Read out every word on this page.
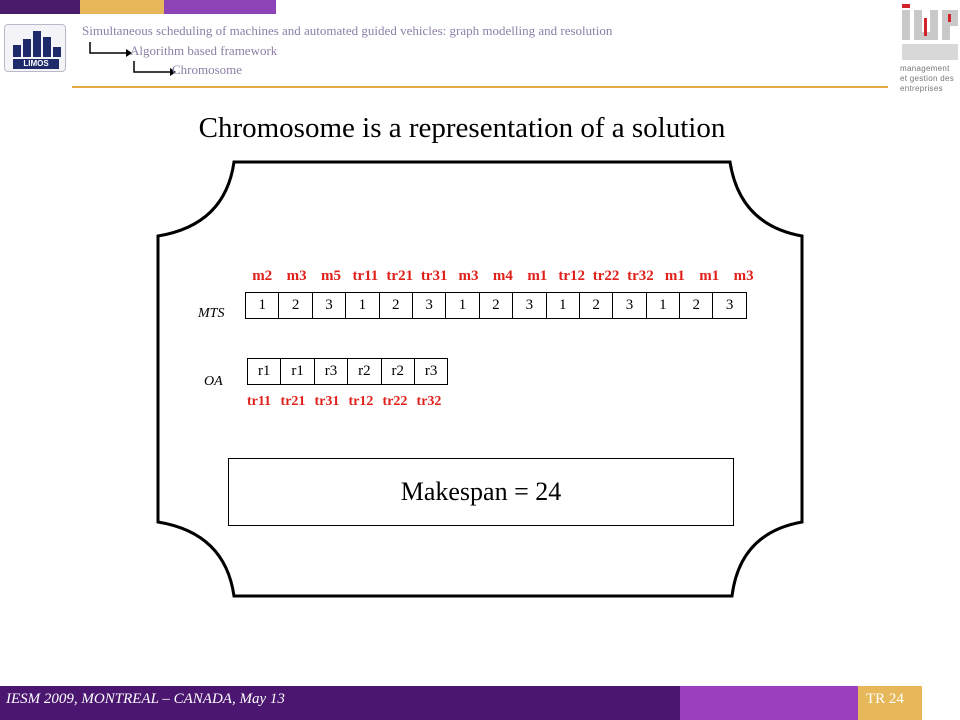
LIMOS
Simultaneous scheduling of machines and automated guided vehicles: graph modelling and resolution
Algorithm based framework
Chromosome	management
et gestion des
entreprises
Chromosome is a representation of a solution
m2 m3 m5 tr11 tr21 tr31 m3 m4 m1 tr12 tr22 tr32 m1 m1 m3
MTS
1	2	3	1	2	3	1	2	3	1	2	3	1	2	3
OA
r1	r1	r3	r2	r2	r3
tr11 tr21 tr31 tr12 tr22 tr32
Makespan = 24
IESM 2009, MONTREAL – CANADA, May 13	TR 24
